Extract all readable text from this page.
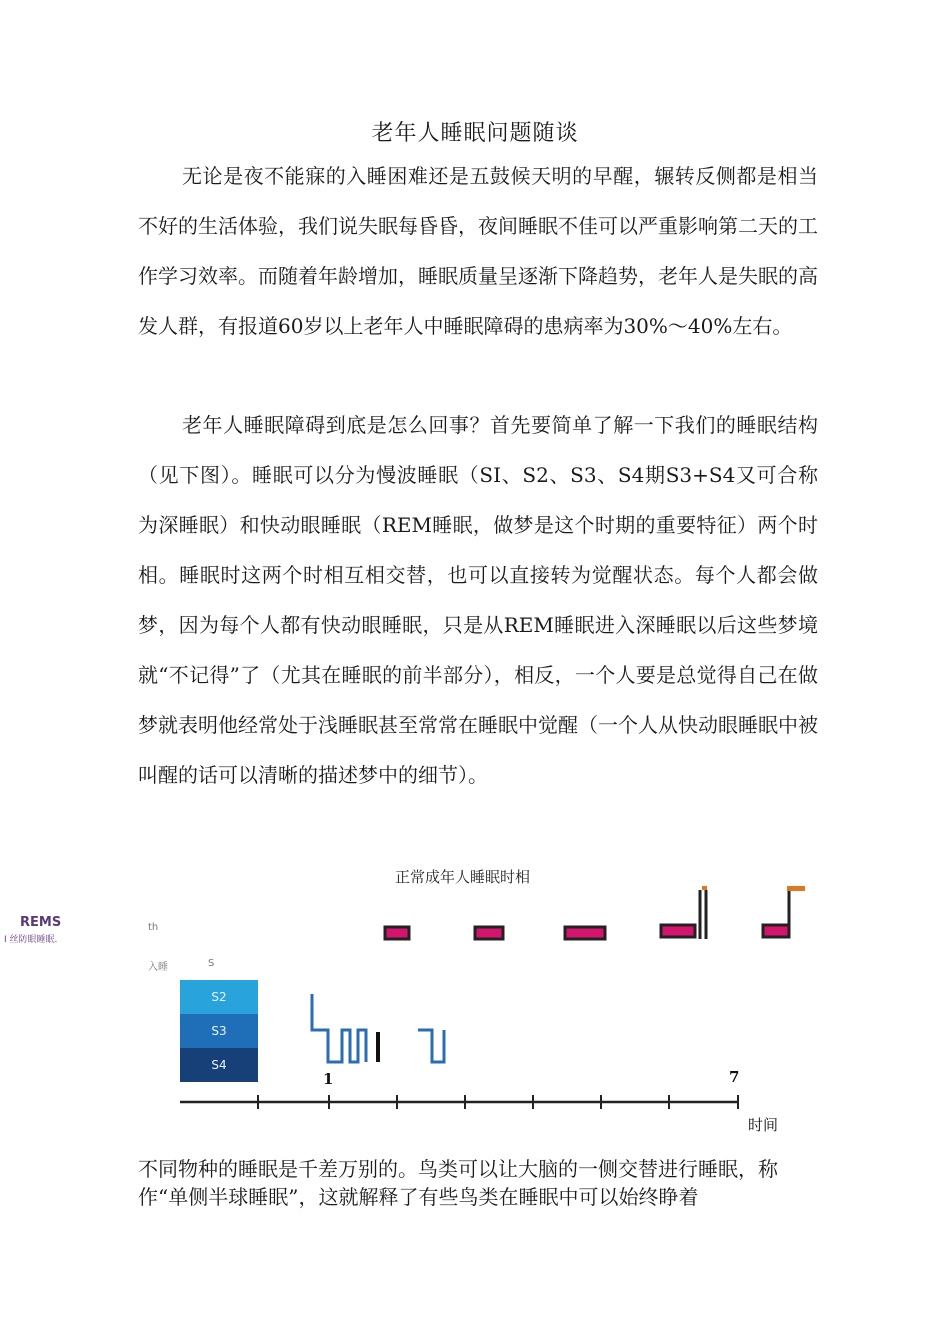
老年人睡眠问题随谈

无论是夜不能寐的入睡困难还是五鼓候天明的早醒，辗转反侧都是相当不好的生活体验，我们说失眠每昏昏，夜间睡眠不佳可以严重影响第二天的工作学习效率。而随着年龄增加，睡眠质量呈逐渐下降趋势，老年人是失眠的高发人群，有报道60岁以上老年人中睡眠障碍的患病率为30%〜40%左右。

老年人睡眠障碍到底是怎么回事？首先要简单了解一下我们的睡眠结构（见下图）。睡眠可以分为慢波睡眠（SI、S2、S3、S4期S3+S4又可合称为深睡眠）和快动眼睡眠（REM睡眠，做梦是这个时期的重要特征）两个时相。睡眠时这两个时相互相交替，也可以直接转为觉醒状态。每个人都会做梦，因为每个人都有快动眼睡眠，只是从REM睡眠进入深睡眠以后这些梦境就“不记得”了（尤其在睡眠的前半部分），相反，一个人要是总觉得自己在做梦就表明他经常处于浅睡眠甚至常常在睡眠中觉醒（一个人从快动眼睡眠中被叫醒的话可以清晰的描述梦中的细节）。

正常成年人睡眠时相
REMS
I 丝防眼睡眠.
th
入睡	S
S2
S3
S4
1	7
时间

不同物种的睡眠是千差万别的。鸟类可以让大脑的一侧交替进行睡眠，称作“单侧半球睡眠”，这就解释了有些鸟类在睡眠中可以始终睁着
